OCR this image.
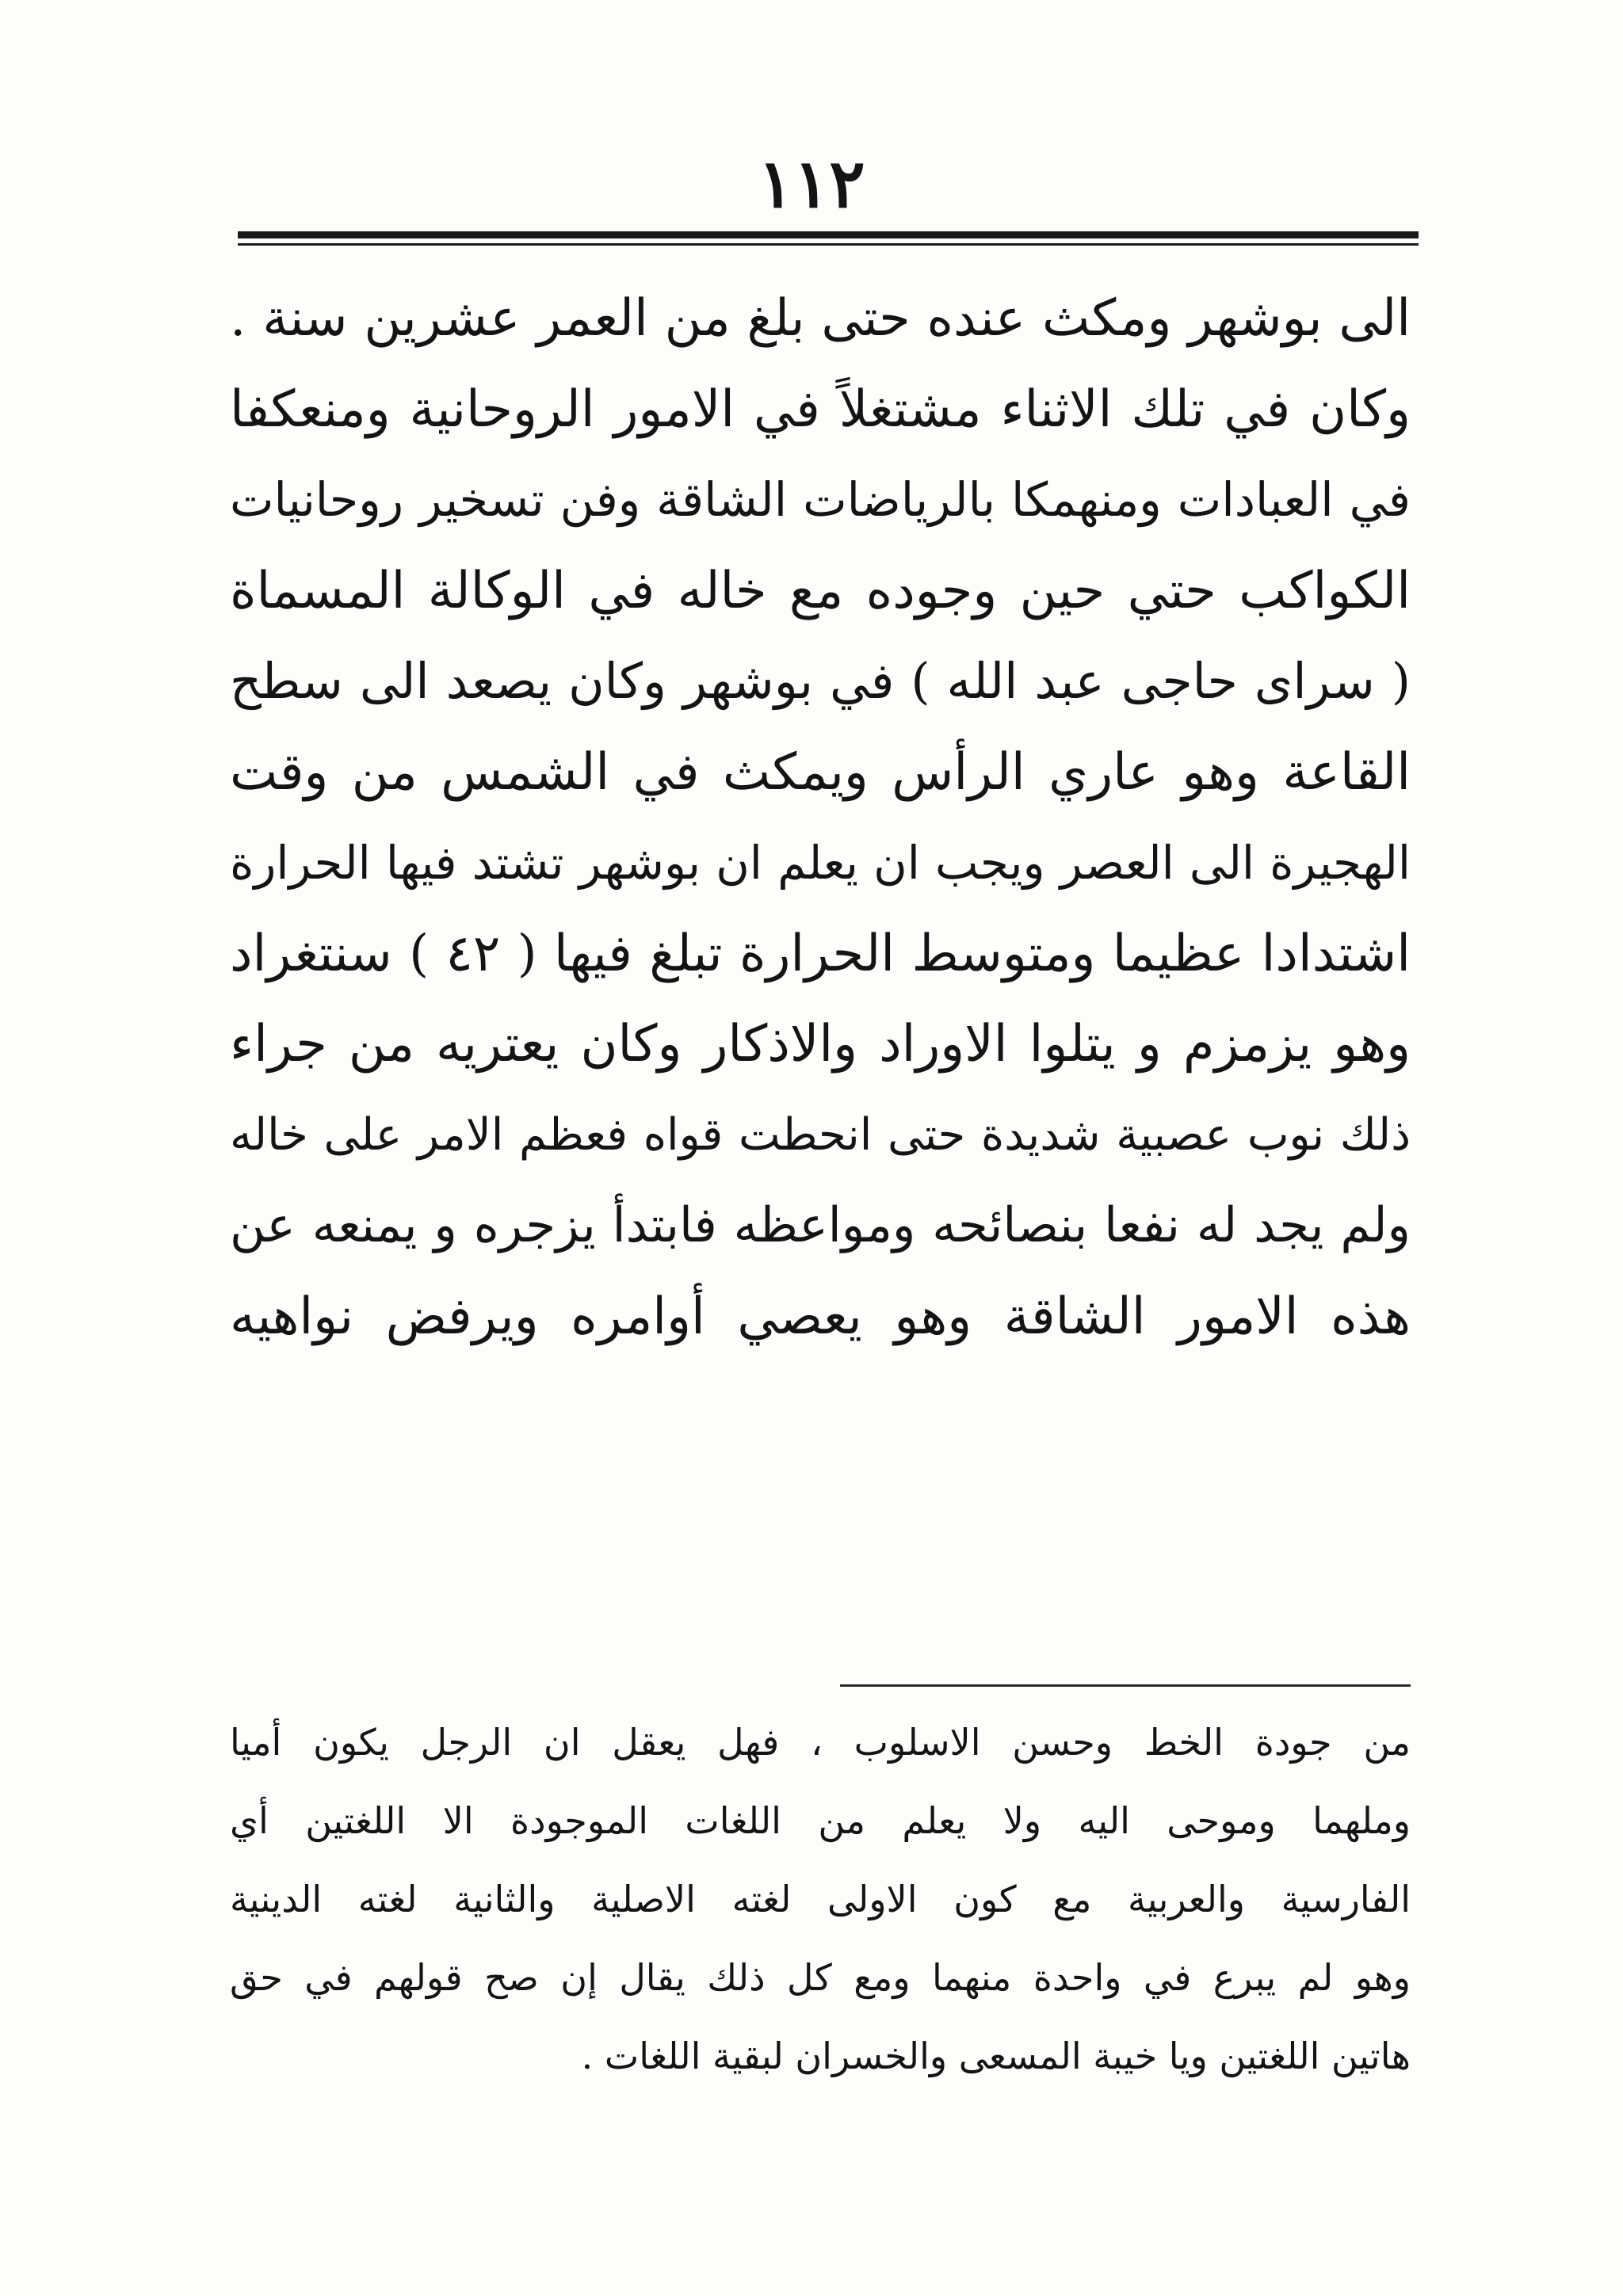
١١٢
الى بوشهر ومكث عنده حتى بلغ من العمر عشرين سنة .
وكان في تلك الاثناء مشتغلاً في الامور الروحانية ومنعكفا
في العبادات ومنهمكا بالرياضات الشاقة وفن تسخير روحانيات
الكواكب حتي حين وجوده مع خاله في الوكالة المسماة
( سراى حاجى عبد الله ) في بوشهر وكان يصعد الى سطح
القاعة وهو عاري الرأس ويمكث في الشمس من وقت
الهجيرة الى العصر ويجب ان يعلم ان بوشهر تشتد فيها الحرارة
اشتدادا عظيما ومتوسط الحرارة تبلغ فيها ( ٤٢ ) سنتغراد
وهو يزمزم و يتلوا الاوراد والاذكار وكان يعتريه من جراء
ذلك نوب عصبية شديدة حتى انحطت قواه فعظم الامر على خاله
ولم يجد له نفعا بنصائحه ومواعظه فابتدأ يزجره و يمنعه عن
هذه الامور الشاقة وهو يعصي أوامره ويرفض نواهيه
من جودة الخط وحسن الاسلوب ، فهل يعقل ان الرجل يكون أميا
وملهما وموحى اليه ولا يعلم من اللغات الموجودة الا اللغتين أي
الفارسية والعربية مع كون الاولى لغته الاصلية والثانية لغته الدينية
وهو لم يبرع في واحدة منهما ومع كل ذلك يقال إن صح قولهم في حق
هاتين اللغتين ويا خيبة المسعى والخسران لبقية اللغات .
